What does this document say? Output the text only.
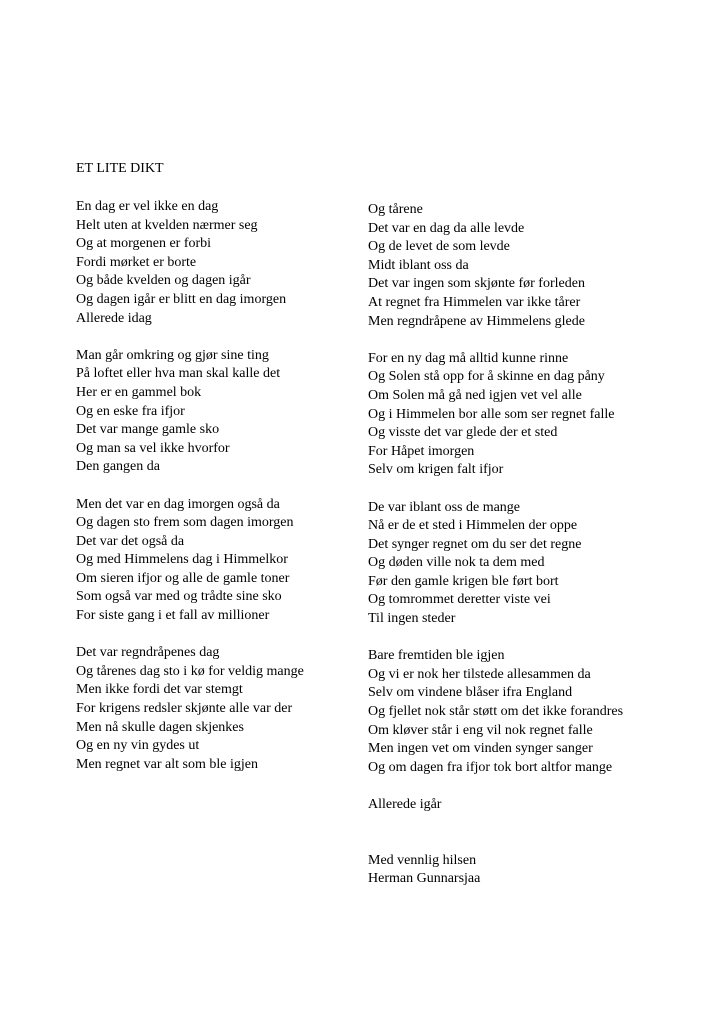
ET LITE DIKT
En dag er vel ikke en dag
Helt uten at kvelden nærmer seg
Og at morgenen er forbi
Fordi mørket er borte
Og både kvelden og dagen igår
Og dagen igår er blitt en dag imorgen
Allerede idag
Man går omkring og gjør sine ting
På loftet eller hva man skal kalle det
Her er en gammel bok
Og en eske fra ifjor
Det var mange gamle sko
Og man sa vel ikke hvorfor
Den gangen da
Men det var en dag imorgen også da
Og dagen sto frem som dagen imorgen
Det var det også da
Og med Himmelens dag i Himmelkor
Om sieren ifjor og alle de gamle toner
Som også var med og trådte sine sko
For siste gang i et fall av millioner
Det var regndråpenes dag
Og tårenes dag sto i kø for veldig mange
Men ikke fordi det var stemgt
For krigens redsler skjønte alle var der
Men nå skulle dagen skjenkes
Og en ny vin gydes ut
Men regnet var alt som ble igjen
Og tårene
Det var en dag da alle levde
Og de levet de som levde
Midt iblant oss da
Det var ingen som skjønte før forleden
At regnet fra Himmelen var ikke tårer
Men regndråpene av Himmelens glede
For en ny dag må alltid kunne rinne
Og Solen stå opp for å skinne en dag påny
Om Solen må gå ned igjen vet vel alle
Og i Himmelen bor alle som ser regnet falle
Og visste det var glede der et sted
For Håpet imorgen
Selv om krigen falt ifjor
De var iblant oss de mange
Nå er de et sted i Himmelen der oppe
Det synger regnet om du ser det regne
Og døden ville nok ta dem med
Før den gamle krigen ble ført bort
Og tomrommet deretter viste vei
Til ingen steder
Bare fremtiden ble igjen
Og vi er nok her tilstede allesammen da
Selv om vindene blåser ifra England
Og fjellet nok står støtt om det ikke forandres
Om kløver står i eng vil nok regnet falle
Men ingen vet om vinden synger sanger
Og om dagen fra ifjor tok bort altfor mange
Allerede igår
Med vennlig hilsen
Herman Gunnarsjaa
